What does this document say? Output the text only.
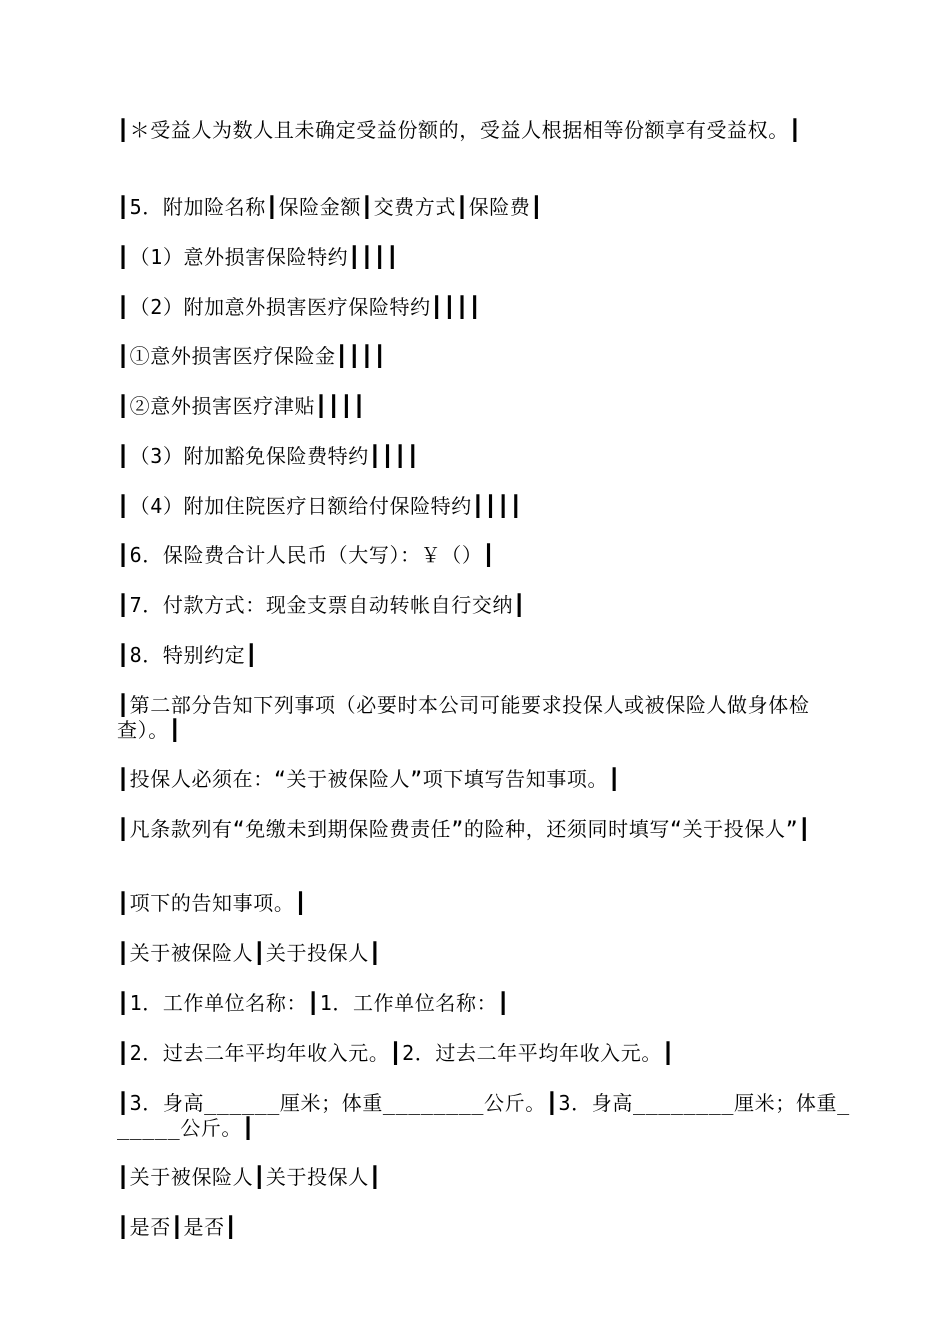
┃＊受益人为数人且未确定受益份额的，受益人根据相等份额享有受益权。┃
┃5．附加险名称┃保险金额┃交费方式┃保险费┃
┃（1）意外损害保险特约┃┃┃┃
┃（2）附加意外损害医疗保险特约┃┃┃┃
┃①意外损害医疗保险金┃┃┃┃
┃②意外损害医疗津贴┃┃┃┃
┃（3）附加豁免保险费特约┃┃┃┃
┃（4）附加住院医疗日额给付保险特约┃┃┃┃
┃6．保险费合计人民币（大写）：￥（）┃
┃7．付款方式：现金支票自动转帐自行交纳┃
┃8．特别约定┃
┃第二部分告知下列事项（必要时本公司可能要求投保人或被保险人做身体检查）。┃
┃投保人必须在：“关于被保险人”项下填写告知事项。┃
┃凡条款列有“免缴未到期保险费责任”的险种，还须同时填写“关于投保人”┃
┃项下的告知事项。┃
┃关于被保险人┃关于投保人┃
┃1．工作单位名称：┃1．工作单位名称：┃
┃2．过去二年平均年收入元。┃2．过去二年平均年收入元。┃
┃3．身高______厘米；体重________公斤。┃3．身高________厘米；体重______公斤。┃
┃关于被保险人┃关于投保人┃
┃是否┃是否┃
